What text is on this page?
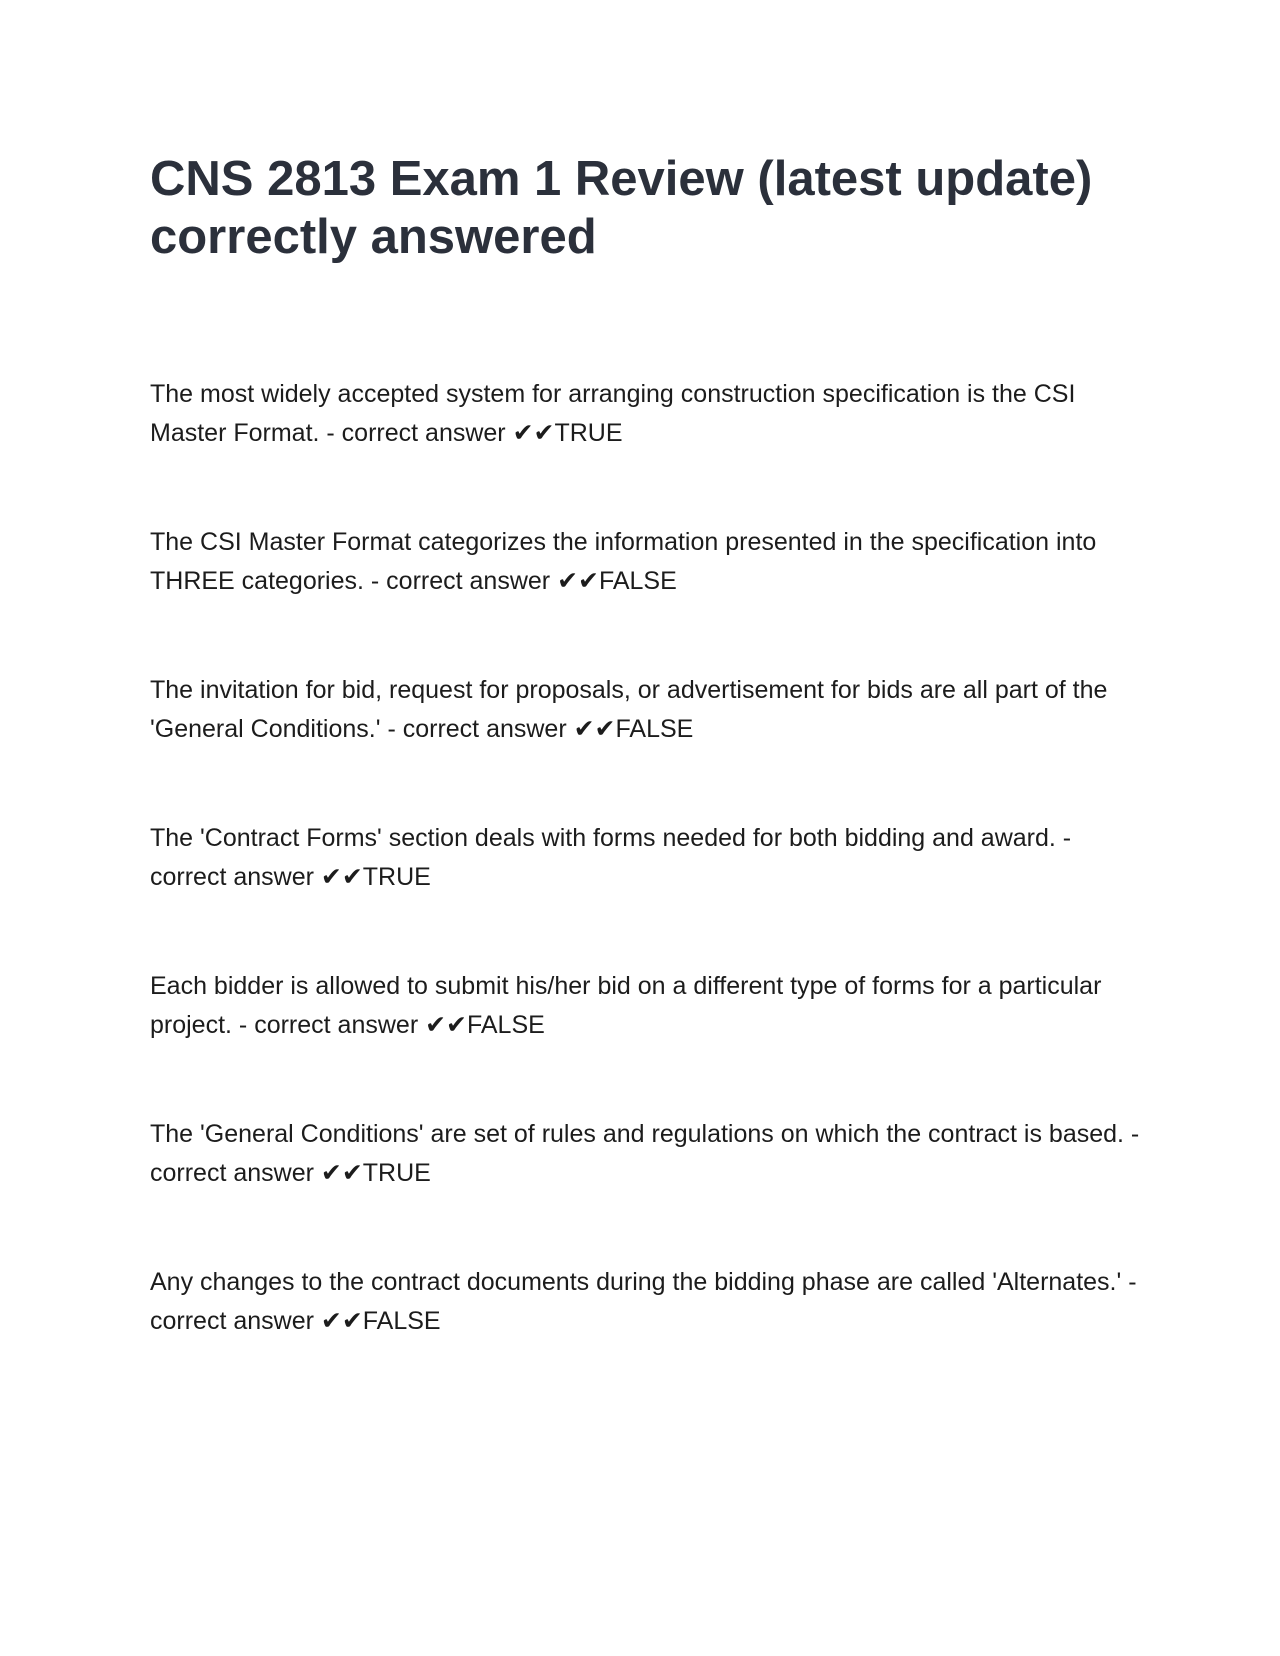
CNS 2813 Exam 1 Review (latest update) correctly answered
The most widely accepted system for arranging construction specification is the CSI Master Format. - correct answer ✔✔TRUE
The CSI Master Format categorizes the information presented in the specification into THREE categories. - correct answer ✔✔FALSE
The invitation for bid, request for proposals, or advertisement for bids are all part of the 'General Conditions.' - correct answer ✔✔FALSE
The 'Contract Forms' section deals with forms needed for both bidding and award. - correct answer ✔✔TRUE
Each bidder is allowed to submit his/her bid on a different type of forms for a particular project. - correct answer ✔✔FALSE
The 'General Conditions' are set of rules and regulations on which the contract is based. - correct answer ✔✔TRUE
Any changes to the contract documents during the bidding phase are called 'Alternates.' - correct answer ✔✔FALSE
